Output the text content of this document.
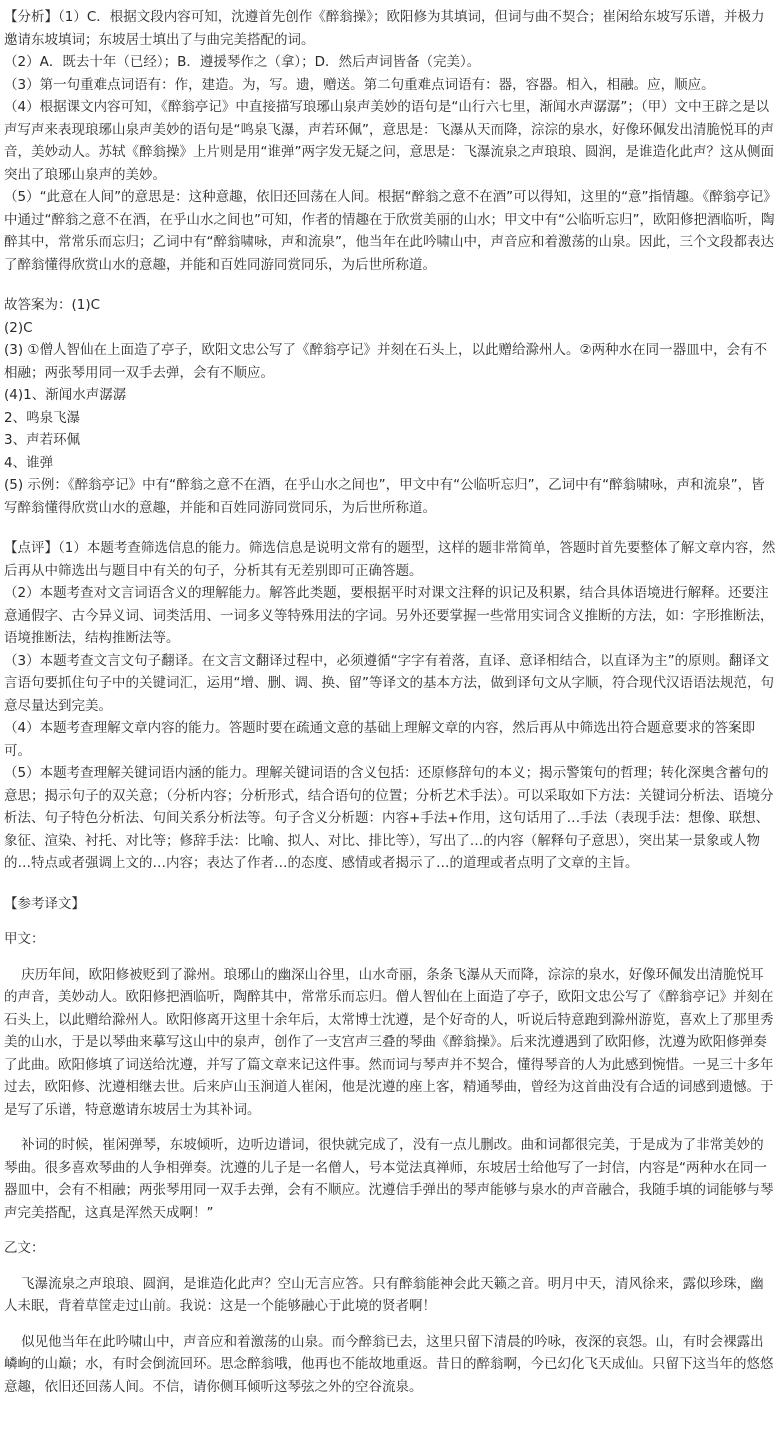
【分析】（1）C．根据文段内容可知，沈遵首先创作《醉翁操》；欧阳修为其填词，但词与曲不契合；崔闲给东坡写乐谱，并极力邀请东坡填词；东坡居士填出了与曲完美搭配的词。

（2）A．既去十年（已经）；B．遵援琴作之（拿）；D．然后声词皆备（完美）。

（3）第一句重难点词语有：作，建造。为，写。遗，赠送。第二句重难点词语有：器，容器。相入，相融。应，顺应。

（4）根据课文内容可知，《醉翁亭记》中直接描写琅琊山泉声美妙的语句是“山行六七里，渐闻水声潺潺”；（甲）文中王辟之是以声写声来表现琅琊山泉声美妙的语句是“鸣泉飞瀑，声若环佩”，意思是：飞瀑从天而降，淙淙的泉水，好像环佩发出清脆悦耳的声音，美妙动人。苏轼《醉翁操》上片则是用“谁弹”两字发无疑之问，意思是：飞瀑流泉之声琅琅、圆润，是谁造化此声？这从侧面突出了琅琊山泉声的美妙。

（5）“此意在人间”的意思是：这种意趣，依旧还回荡在人间。根据“醉翁之意不在酒”可以得知，这里的“意”指情趣。《醉翁亭记》中通过“醉翁之意不在酒，在乎山水之间也”可知，作者的情趣在于欣赏美丽的山水；甲文中有“公临听忘归”，欧阳修把酒临听，陶醉其中，常常乐而忘归；乙词中有“醉翁啸咏，声和流泉”，他当年在此吟啸山中，声音应和着激荡的山泉。因此，三个文段都表达了醉翁懂得欣赏山水的意趣，并能和百姓同游同赏同乐，为后世所称道。

故答案为：(1)C

(2)C

(3) ①僧人智仙在上面造了亭子，欧阳文忠公写了《醉翁亭记》并刻在石头上，以此赠给滁州人。②两种水在同一器皿中，会有不相融；两张琴用同一双手去弹，会有不顺应。

(4)1、渐闻水声潺潺

2、鸣泉飞瀑

3、声若环佩

4、谁弹

(5) 示例：《醉翁亭记》中有“醉翁之意不在酒，在乎山水之间也”，甲文中有“公临听忘归”，乙词中有“醉翁啸咏，声和流泉”，皆写醉翁懂得欣赏山水的意趣，并能和百姓同游同赏同乐，为后世所称道。

【点评】（1）本题考查筛选信息的能力。筛选信息是说明文常有的题型，这样的题非常简单，答题时首先要整体了解文章内容，然后再从中筛选出与题目中有关的句子，分析其有无差别即可正确答题。

（2）本题考查对文言词语含义的理解能力。解答此类题，要根据平时对课文注释的识记及积累，结合具体语境进行解释。还要注意通假字、古今异义词、词类活用、一词多义等特殊用法的字词。另外还要掌握一些常用实词含义推断的方法，如：字形推断法，语境推断法，结构推断法等。

（3）本题考查文言文句子翻译。在文言文翻译过程中，必须遵循“字字有着落，直译、意译相结合，以直译为主”的原则。翻译文言语句要抓住句子中的关键词汇，运用“增、删、调、换、留”等译文的基本方法，做到译句文从字顺，符合现代汉语语法规范，句意尽量达到完美。

（4）本题考查理解文章内容的能力。答题时要在疏通文意的基础上理解文章的内容，然后再从中筛选出符合题意要求的答案即可。

（5）本题考查理解关键词语内涵的能力。理解关键词语的含义包括：还原修辞句的本义；揭示警策句的哲理；转化深奥含蓄句的意思；揭示句子的双关意；（分析内容；分析形式，结合语句的位置；分析艺术手法）。可以采取如下方法：关键词分析法、语境分析法、句子特色分析法、句间关系分析法等。句子含义分析题：内容+手法+作用，这句话用了…手法（表现手法：想像、联想、象征、渲染、衬托、对比等；修辞手法：比喻、拟人、对比、排比等），写出了…的内容（解释句子意思），突出某一景象或人物的…特点或者强调上文的…内容；表达了作者…的态度、感情或者揭示了…的道理或者点明了文章的主旨。

【参考译文】

甲文：

庆历年间，欧阳修被贬到了滁州。琅琊山的幽深山谷里，山水奇丽，条条飞瀑从天而降，淙淙的泉水，好像环佩发出清脆悦耳的声音，美妙动人。欧阳修把酒临听，陶醉其中，常常乐而忘归。僧人智仙在上面造了亭子，欧阳文忠公写了《醉翁亭记》并刻在石头上，以此赠给滁州人。欧阳修离开这里十余年后，太常博士沈遵，是个好奇的人，听说后特意跑到滁州游览，喜欢上了那里秀美的山水，于是以琴曲来摹写这山中的泉声，创作了一支宫声三叠的琴曲《醉翁操》。后来沈遵遇到了欧阳修，沈遵为欧阳修弹奏了此曲。欧阳修填了词送给沈遵，并写了篇文章来记这件事。然而词与琴声并不契合，懂得琴音的人为此感到惋惜。一晃三十多年过去，欧阳修、沈遵相继去世。后来庐山玉涧道人崔闲，他是沈遵的座上客，精通琴曲，曾经为这首曲没有合适的词感到遗憾。于是写了乐谱，特意邀请东坡居士为其补词。

补词的时候，崔闲弹琴，东坡倾听，边听边谱词，很快就完成了，没有一点儿删改。曲和词都很完美，于是成为了非常美妙的琴曲。很多喜欢琴曲的人争相弹奏。沈遵的儿子是一名僧人，号本觉法真禅师，东坡居士给他写了一封信，内容是“两种水在同一器皿中，会有不相融；两张琴用同一双手去弹，会有不顺应。沈遵信手弹出的琴声能够与泉水的声音融合，我随手填的词能够与琴声完美搭配，这真是浑然天成啊！”

乙文：

飞瀑流泉之声琅琅、圆润，是谁造化此声？空山无言应答。只有醉翁能神会此天籁之音。明月中天，清风徐来，露似珍珠，幽人未眠，背着草筐走过山前。我说：这是一个能够融心于此境的贤者啊！

似见他当年在此吟啸山中，声音应和着激荡的山泉。而今醉翁已去，这里只留下清晨的吟咏，夜深的哀怨。山，有时会裸露出嶙峋的山巅；水，有时会倒流回环。思念醉翁哦，他再也不能故地重返。昔日的醉翁啊，今已幻化飞天成仙。只留下这当年的悠悠意趣，依旧还回荡人间。不信，请你侧耳倾听这琴弦之外的空谷流泉。
